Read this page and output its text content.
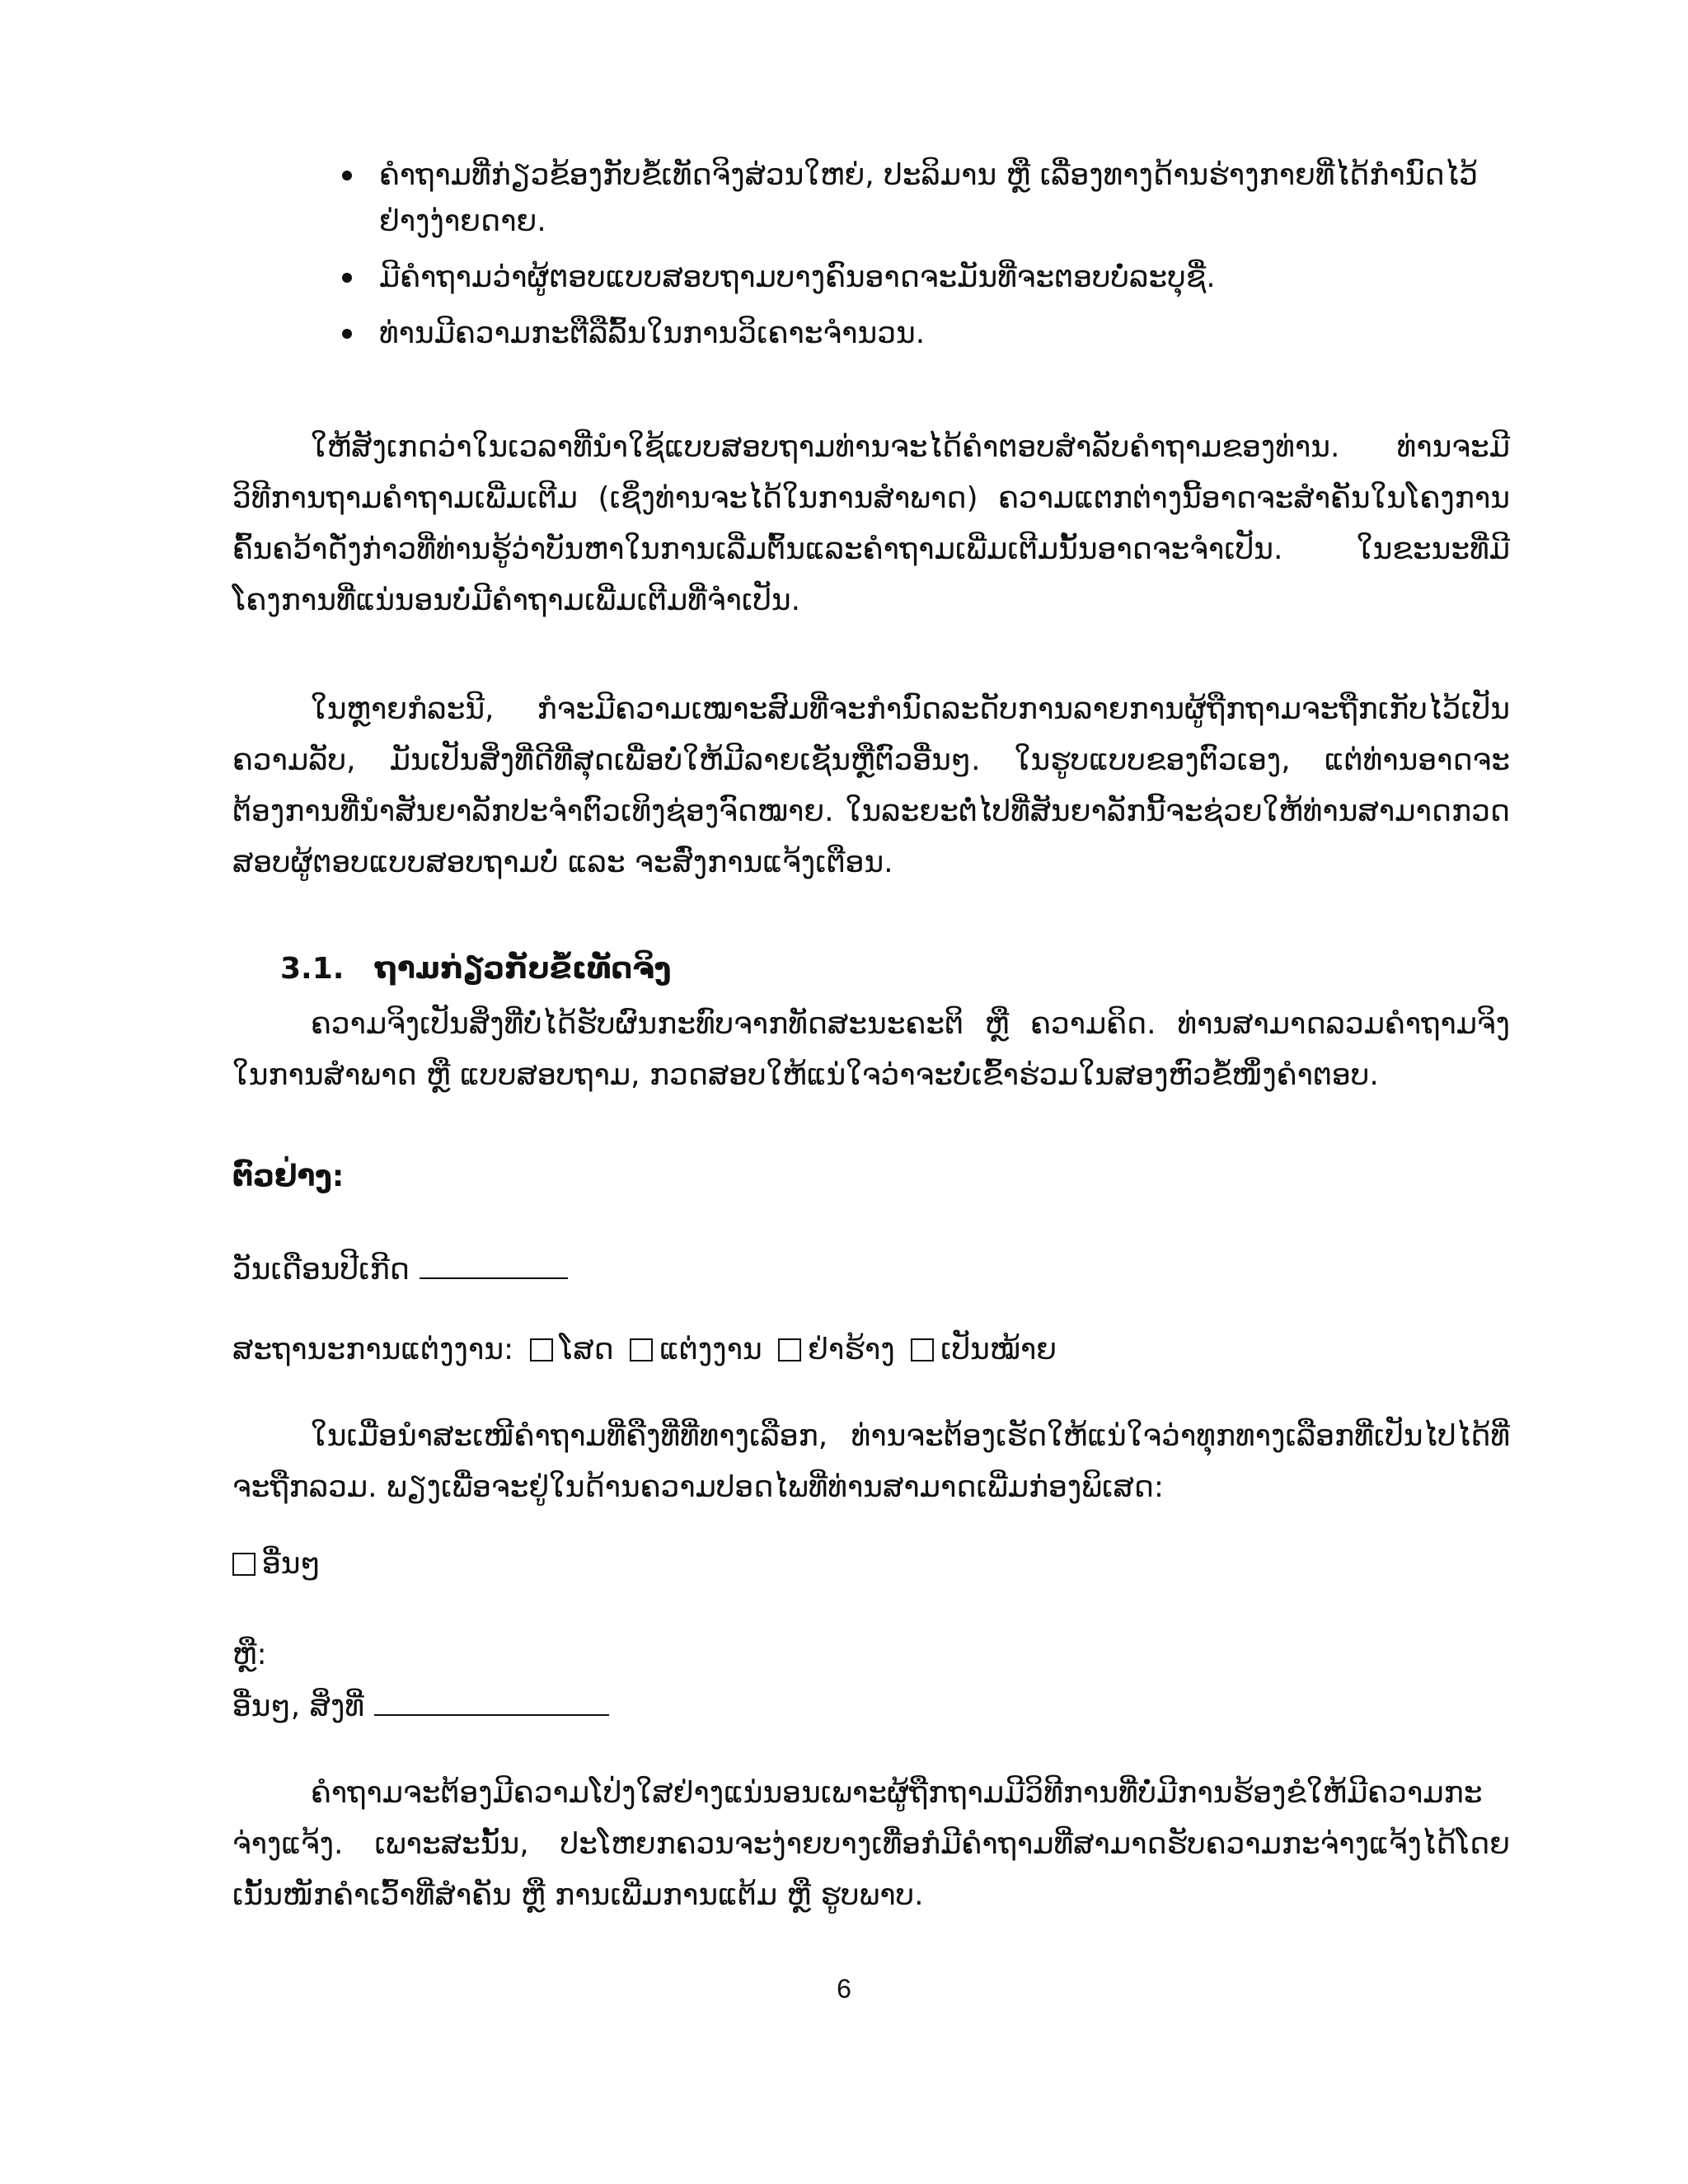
ຄຳຖາມທີ່ກ່ຽວຂ້ອງກັບຂໍ້ເທັດຈິງສ່ວນໃຫຍ່, ປະລິມານ ຫຼື ເລື່ອງທາງດ້ານຮ່າງກາຍທີ່ໄດ້ກຳນົດໄວ້ຢ່າງງ່າຍດາຍ.
ມີຄຳຖາມວ່າຜູ້ຕອບແບບສອບຖາມບາງຄົນອາດຈະມັນທີ່ຈະຕອບບໍ່ລະບຸຊື່.
ທ່ານມີຄວາມກະຕືລືລົ້ນໃນການວິເຄາະຈຳນວນ.

ໃຫ້ສັງເກດວ່າໃນເວລາທີ່ນຳໃຊ້ແບບສອບຖາມທ່ານຈະໄດ້ຄຳຕອບສຳລັບຄຳຖາມຂອງທ່ານ. ທ່ານຈະມີວິທີການຖາມຄຳຖາມເພີ່ມເຕີມ (ເຊິ່ງທ່ານຈະໄດ້ໃນການສຳພາດ) ຄວາມແຕກຕ່າງນີ້ອາດຈະສຳຄັນໃນໂຄງການຄົ້ນຄວ້າດັ່ງກ່າວທີ່ທ່ານຮູ້ວ່າບັນຫາໃນການເລີ່ມຕົ້ນແລະຄຳຖາມເພີ່ມເຕີມນັ້ນອາດຈະຈຳເປັນ. ໃນຂະນະທີ່ມີໂຄງການທີ່ແນ່ນອນບໍ່ມີຄຳຖາມເພີ່ມເຕີມທີ່ຈຳເປັນ.

ໃນຫຼາຍກໍລະນີ, ກໍຈະມີຄວາມເໝາະສົມທີ່ຈະກຳນົດລະດັບການລາຍການຜູ້ຖືກຖາມຈະຖືກເກັບໄວ້ເປັນ ຄວາມລັບ, ມັນເປັນສິ່ງທີ່ດີທີ່ສຸດເພື່ອບໍ່ໃຫ້ມີລາຍເຊັນຫຼືຕົວອື່ນໆ. ໃນຮູບແບບຂອງຕົວເອງ, ແຕ່ທ່ານອາດຈະຕ້ອງການທີ່ນຳສັນຍາລັກປະຈຳຕົວເທິງຊ່ອງຈົດໝາຍ. ໃນລະຍະຕໍ່ໄປທີ່ສັນຍາລັກນີ້ຈະຊ່ວຍໃຫ້ທ່ານສາມາດກວດສອບຜູ້ຕອບແບບສອບຖາມບໍ່ ແລະ ຈະສົ່ງການແຈ້ງເຕືອນ.

3.1. ຖາມກ່ຽວກັບຂໍ້ເທັດຈິງ

ຄວາມຈິງເປັນສິ່ງທີ່ບໍ່ໄດ້ຮັບຜົນກະທົບຈາກທັດສະນະຄະຕິ ຫຼື ຄວາມຄິດ. ທ່ານສາມາດລວມຄຳຖາມຈິງໃນການສຳພາດ ຫຼື ແບບສອບຖາມ, ກວດສອບໃຫ້ແນ່ໃຈວ່າຈະບໍ່ເຂົ້າຮ່ວມໃນສອງຫົວຂໍ້ໜຶ່ງຄຳຕອບ.

ຕົວຢ່າງ:
ວັນເດືອນປີເກີດ
ສະຖານະການແຕ່ງງານ: ໂສດ ແຕ່ງງານ ຢ່າຮ້າງ ເປັນໝ້າຍ

ໃນເມື່ອນຳສະເໜີຄຳຖາມທີ່ຄືງທີ່ທີ່ທາງເລືອກ, ທ່ານຈະຕ້ອງເຮັດໃຫ້ແນ່ໃຈວ່າທຸກທາງເລືອກທີ່ເປັນໄປໄດ້ທີ່ຈະຖືກລວມ. ພຽງເພື່ອຈະຢູ່ໃນດ້ານຄວາມປອດໄພທີ່ທ່ານສາມາດເພີ່ມກ່ອງພິເສດ:

ອື່ນໆ
ຫຼື:
ອື່ນໆ, ສິ່ງທີ່

ຄຳຖາມຈະຕ້ອງມີຄວາມໂປ່ງໃສຢ່າງແນ່ນອນເພາະຜູ້ຖືກຖາມມີວິທີການທີ່ບໍ່ມີການຮ້ອງຂໍໃຫ້ມີຄວາມກະຈ່າງແຈ້ງ. ເພາະສະນັ້ນ, ປະໂຫຍກຄວນຈະງ່າຍບາງເທື່ອກໍມີຄຳຖາມທີ່ສາມາດຮັບຄວາມກະຈ່າງແຈ້ງໄດ້ໂດຍເນັ້ນໜັກຄຳເວົ້າທີ່ສຳຄັນ ຫຼື ການເພີ່ມການແຕ້ມ ຫຼື ຮູບພາບ.

6
